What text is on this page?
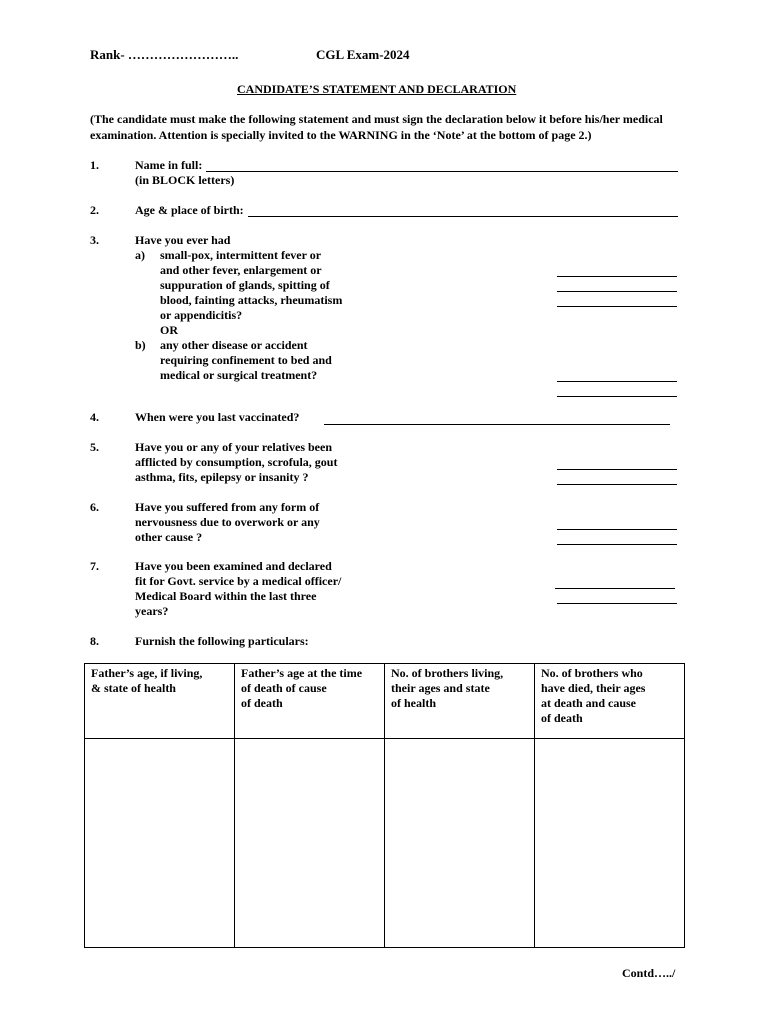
Rank- ……………………..	CGL Exam-2024
CANDIDATE’S STATEMENT AND DECLARATION
(The candidate must make the following statement and must sign the declaration below it before his/her medical examination. Attention is specially invited to the WARNING in the ‘Note’ at the bottom of page 2.)
1.	Name in full:
(in BLOCK letters)
2.	Age & place of birth:
3.	Have you ever had
a) small-pox, intermittent fever or
and other fever, enlargement or
suppuration of glands, spitting of
blood, fainting attacks, rheumatism
or appendicitis?
OR
b) any other disease or accident
requiring confinement to bed and
medical or surgical treatment?
4.	When were you last vaccinated?
5.	Have you or any of your relatives been
afflicted by consumption, scrofula, gout
asthma, fits, epilepsy or insanity ?
6.	Have you suffered from any form of
nervousness due to overwork or any
other cause ?
7.	Have you been examined and declared
fit for Govt. service by a medical officer/
Medical Board within the last three
years?
8.	Furnish the following particulars:
Father’s age, if living,
& state of health	Father’s age at the time
of death of cause
of death	No. of brothers living,
their ages and state
of health	No. of brothers who
have died, their ages
at death and cause
of death

Contd…../
